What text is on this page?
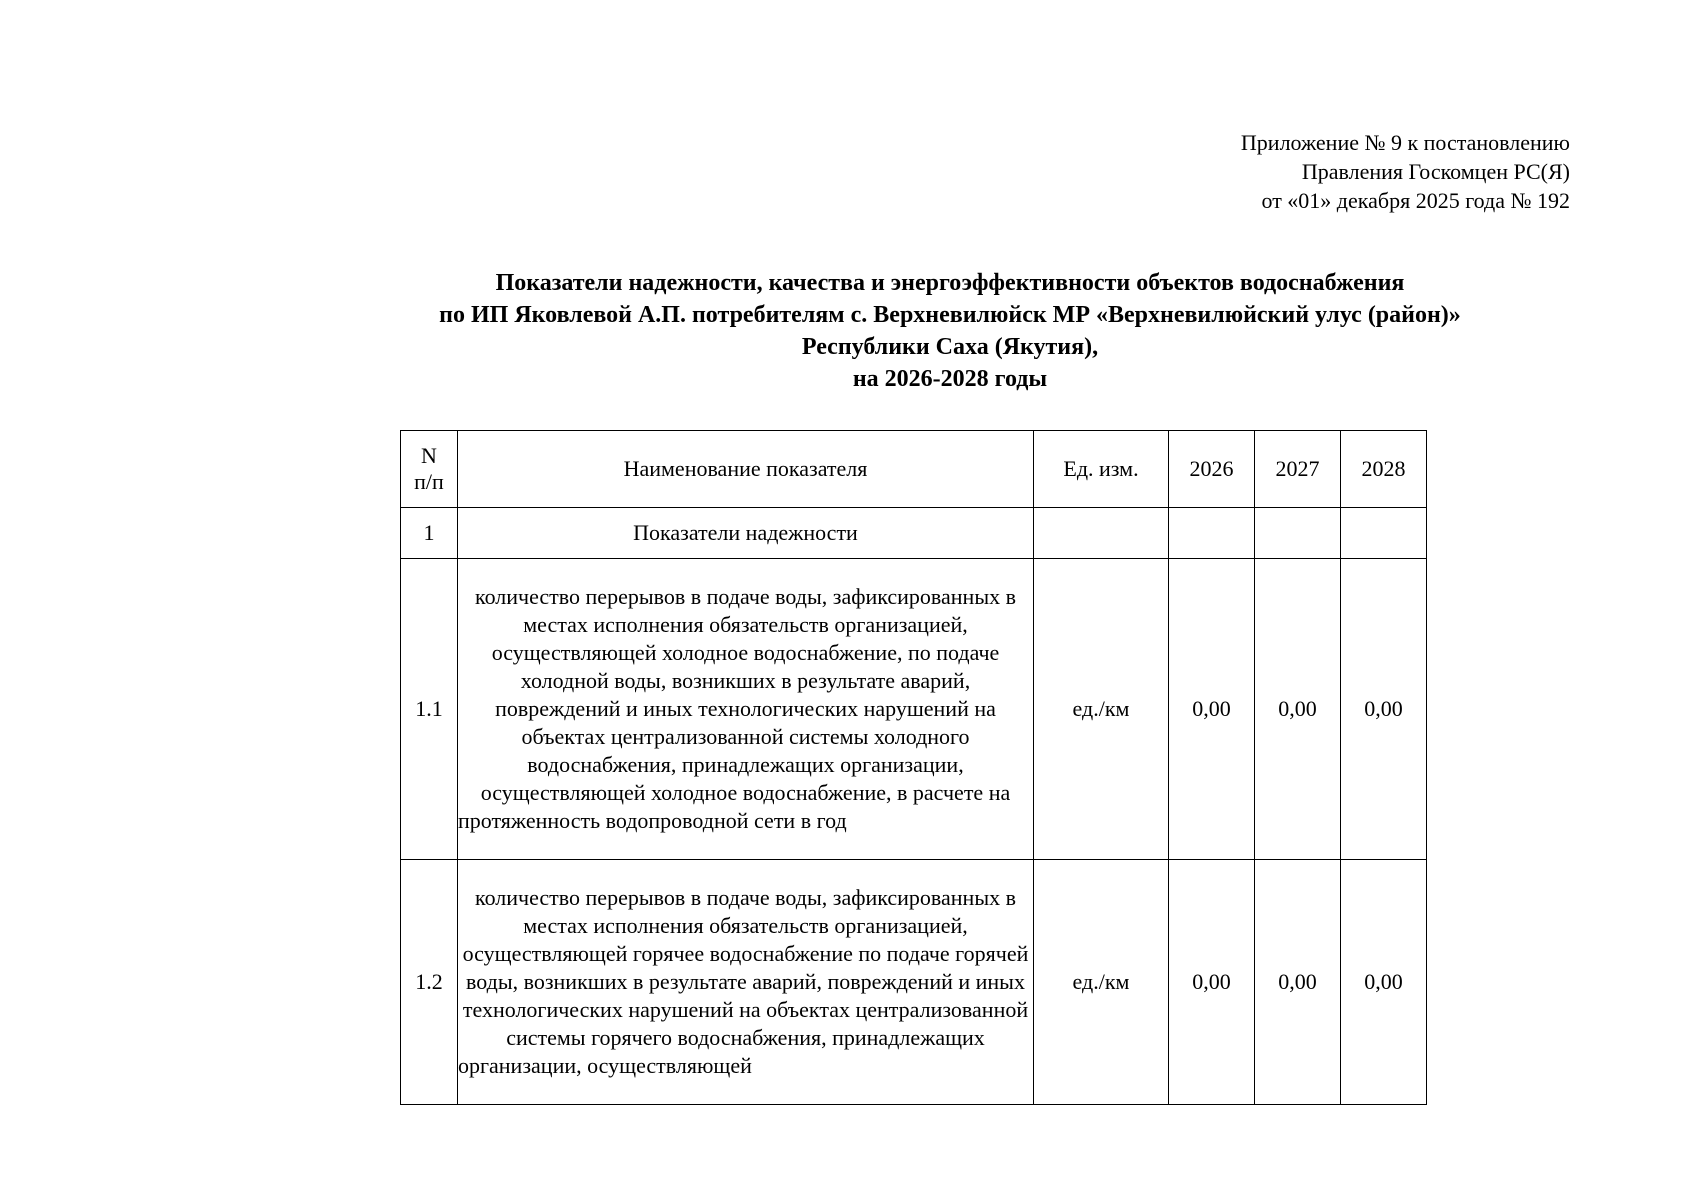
Приложение № 9 к постановлению
Правления Госкомцен РС(Я)
от «01» декабря 2025 года № 192
Показатели надежности, качества и энергоэффективности объектов водоснабжения
по ИП Яковлевой А.П. потребителям с. Верхневилюйск МР «Верхневилюйский улус (район)»
Республики Саха (Якутия),
на 2026-2028 годы
N
п/п	Наименование показателя	Ед. изм.	2026	2027	2028
1	Показатели надежности				
1.1	количество перерывов в подаче воды, зафиксированных в местах исполнения обязательств организацией, осуществляющей холодное водоснабжение, по подаче холодной воды, возникших в результате аварий, повреждений и иных технологических нарушений на объектах централизованной системы холодного водоснабжения, принадлежащих организации, осуществляющей холодное водоснабжение, в расчете на протяженность водопроводной сети в год	ед./км	0,00	0,00	0,00
1.2	количество перерывов в подаче воды, зафиксированных в местах исполнения обязательств организацией, осуществляющей горячее водоснабжение по подаче горячей воды, возникших в результате аварий, повреждений и иных технологических нарушений на объектах централизованной системы горячего водоснабжения, принадлежащих организации, осуществляющей	ед./км	0,00	0,00	0,00
